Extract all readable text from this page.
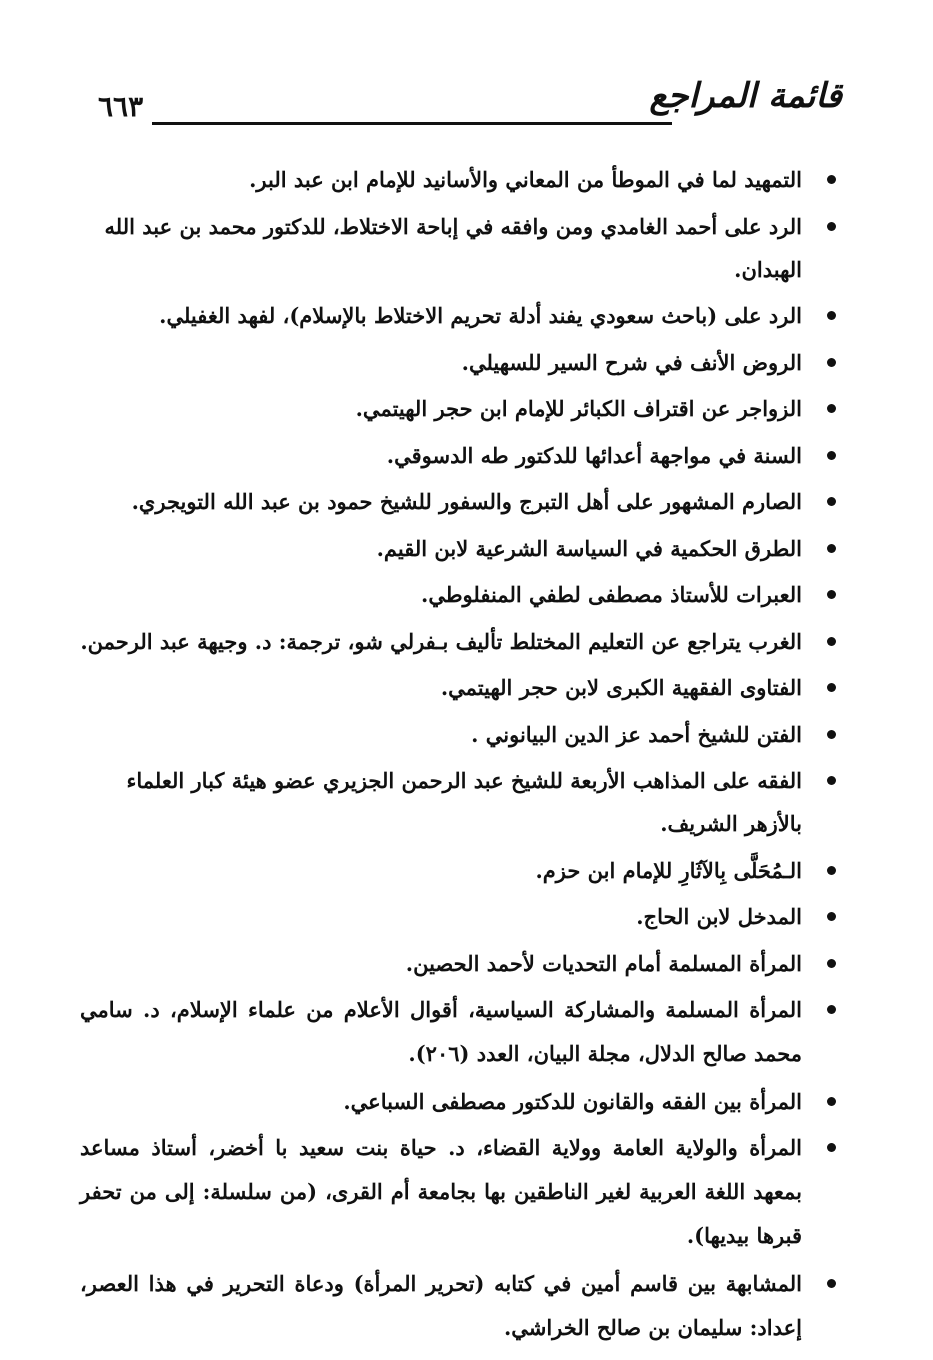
٦٦٣	قائمة المراجع
التمهيد لما في الموطأ من المعاني والأسانيد للإمام ابن عبد البر.
الرد على أحمد الغامدي ومن وافقه في إباحة الاختلاط، للدكتور محمد بن عبد الله الهبدان.
الرد على (باحث سعودي يفند أدلة تحريم الاختلاط بالإسلام)، لفهد الغفيلي.
الروض الأنف في شرح السير للسهيلي.
الزواجر عن اقتراف الكبائر للإمام ابن حجر الهيتمي.
السنة في مواجهة أعدائها للدكتور طه الدسوقي.
الصارم المشهور على أهل التبرج والسفور للشيخ حمود بن عبد الله التويجري.
الطرق الحكمية في السياسة الشرعية لابن القيم.
العبرات للأستاذ مصطفى لطفي المنفلوطي.
الغرب يتراجع عن التعليم المختلط تأليف بـفرلي شو، ترجمة: د. وجيهة عبد الرحمن.
الفتاوى الفقهية الكبرى لابن حجر الهيتمي.
الفتن للشيخ أحمد عز الدين البيانوني .
الفقه على المذاهب الأربعة للشيخ عبد الرحمن الجزيري عضو هيئة كبار العلماء بالأزهر الشريف.
الـمُحَلَّى بِالآثَارِ للإمام ابن حزم.
المدخل لابن الحاج.
المرأة المسلمة أمام التحديات لأحمد الحصين.
المرأة المسلمة والمشاركة السياسية، أقوال الأعلام من علماء الإسلام، د. سامي محمد صالح الدلال، مجلة البيان، العدد (٢٠٦).
المرأة بين الفقه والقانون للدكتور مصطفى السباعي.
المرأة والولاية العامة وولاية القضاء، د. حياة بنت سعيد با أخضر، أستاذ مساعد بمعهد اللغة العربية لغير الناطقين بها بجامعة أم القرى، (من سلسلة: إلى من تحفر قبرها بيديها).
المشابهة بين قاسم أمين في كتابه (تحرير المرأة) ودعاة التحرير في هذا العصر، إعداد: سليمان بن صالح الخراشي.
